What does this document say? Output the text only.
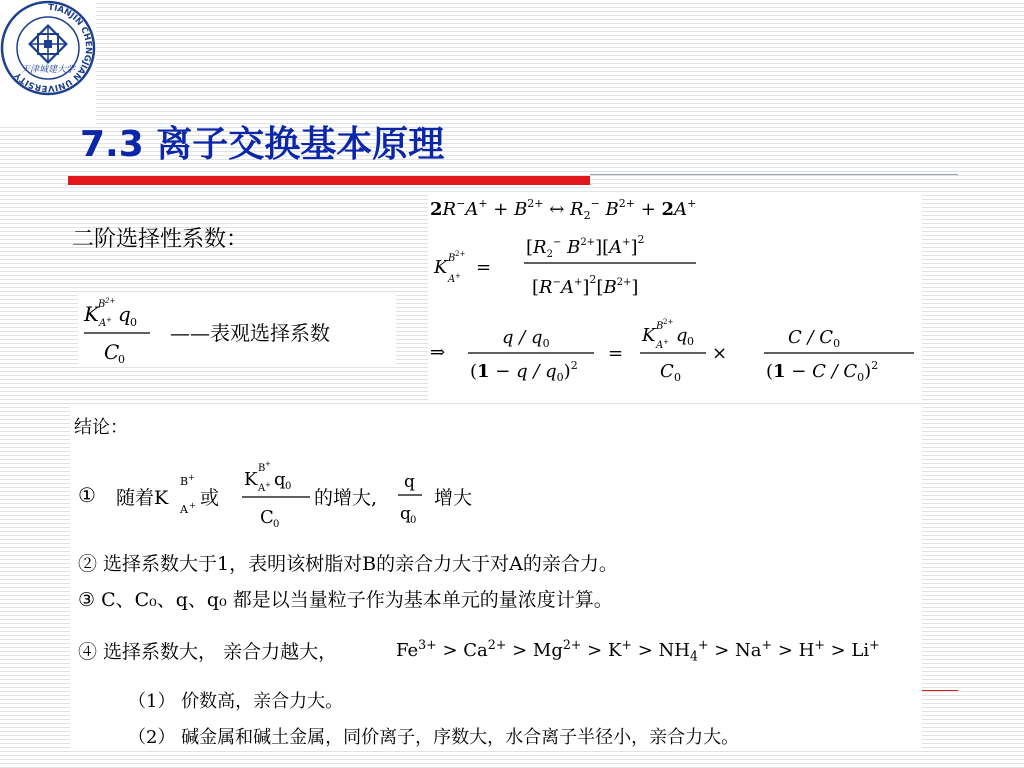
TIANJIN CHENGJIAN UNIVERSITY
天津城建大学
7.3 离子交换基本原理
二阶选择性系数：
K B 2+
A + q 0
C
0
——表观选择系数
$2R^-A^+ + B^{2+}$ ↔ $R_2^-$ $B^{2+} + 2A^+$
K B 2+
A + =
[$R_2^-$ $B^{2+}][A^+]^2$
$[R^-A^+]^2[B^{2+}]$
⇒
q / $q_0$
$(1 - q / q_0)^2$
=
K B 2+
A + q 0
C 0
×
C / $C_0$
$(1 - C / C_0)^2$
结论：
① 随着K
B +
A + 或
K
B +
A + q 0
C 0
的增大,
q
q 0
增大
② 选择系数大于1，表明该树脂对B的亲合力大于对A的亲合力。
③ C、C₀、q、q₀ 都是以当量粒子作为基本单元的量浓度计算。
④ 选择系数大， 亲合力越大，	$Fe^{3+} > Ca^{2+} > Mg^{2+} > K^+ > NH_4^+ > Na^+ > H^+ > Li^+$
（1） 价数高，亲合力大。
（2） 碱金属和碱土金属，同价离子，序数大，水合离子半径小，亲合力大。
